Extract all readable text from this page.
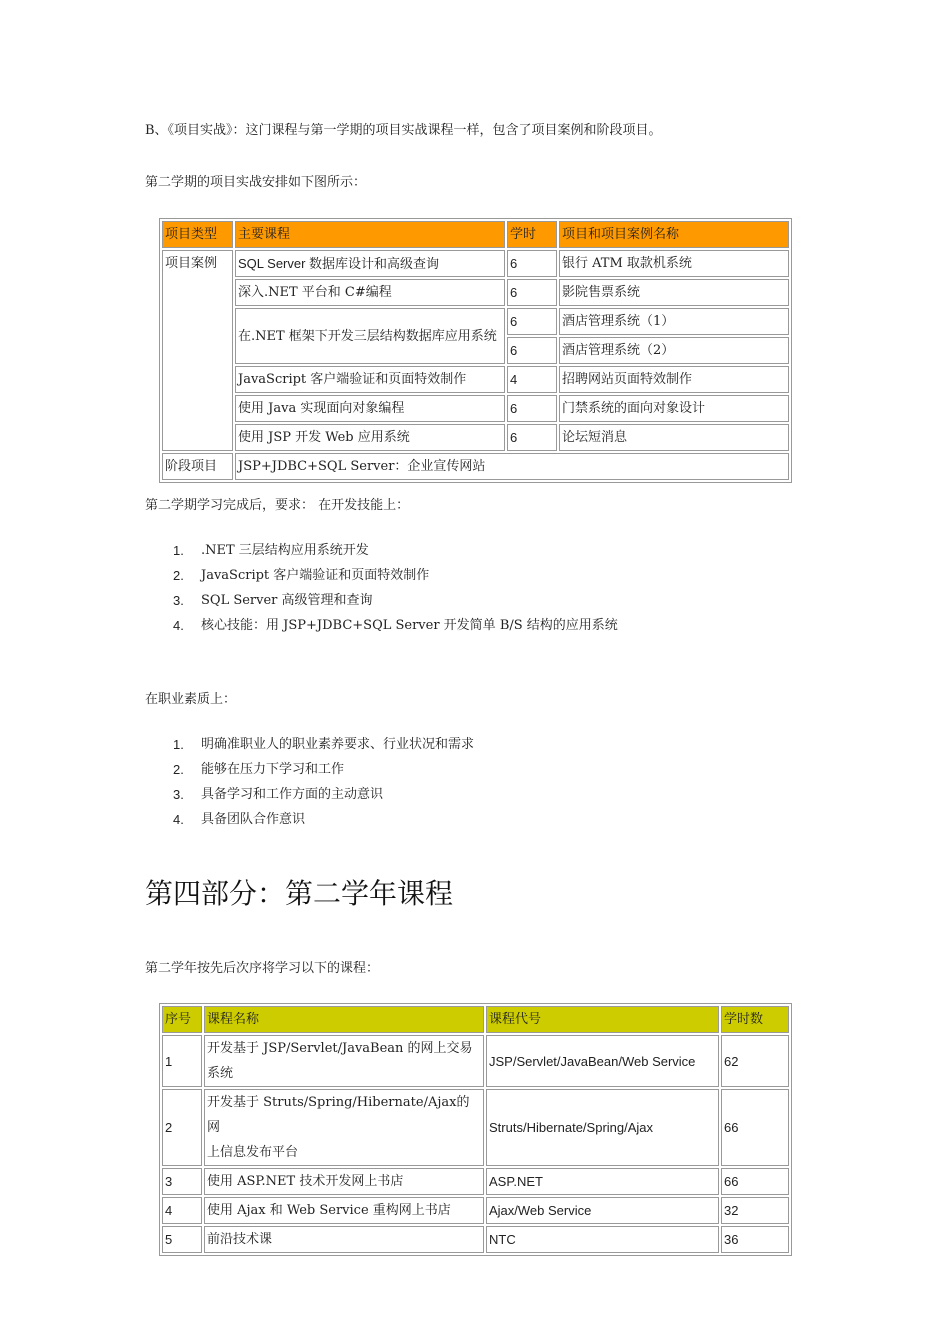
B、《项目实战》：这门课程与第一学期的项目实战课程一样，包含了项目案例和阶段项目。
第二学期的项目实战安排如下图所示：
项目类型	主要课程	学时	项目和项目案例名称
项目案例	SQL Server 数据库设计和高级查询	6	银行 ATM 取款机系统
	深入.NET 平台和 C#编程	6	影院售票系统
	在.NET 框架下开发三层结构数据库应用系统	6	酒店管理系统（1）
		6	酒店管理系统（2）
	JavaScript 客户端验证和页面特效制作	4	招聘网站页面特效制作
	使用 Java 实现面向对象编程	6	门禁系统的面向对象设计
	使用 JSP 开发 Web 应用系统	6	论坛短消息
阶段项目	JSP+JDBC+SQL Server：企业宣传网站		
第二学期学习完成后，要求： 在开发技能上：
1. .NET 三层结构应用系统开发
2. JavaScript 客户端验证和页面特效制作
3. SQL Server 高级管理和查询
4. 核心技能：用 JSP+JDBC+SQL Server 开发简单 B/S 结构的应用系统
在职业素质上：
1. 明确准职业人的职业素养要求、行业状况和需求
2. 能够在压力下学习和工作
3. 具备学习和工作方面的主动意识
4. 具备团队合作意识
第四部分：第二学年课程
第二学年按先后次序将学习以下的课程：
序号	课程名称	课程代号	学时数
1	开发基于 JSP/Servlet/JavaBean 的网上交易
系统	JSP/Servlet/JavaBean/Web Service	62
2	开发基于 Struts/Spring/Hibernate/Ajax的网
上信息发布平台	Struts/Hibernate/Spring/Ajax	66
3	使用 ASP.NET 技术开发网上书店	ASP.NET	66
4	使用 Ajax 和 Web Service 重构网上书店	Ajax/Web Service	32
5	前沿技术课	NTC	36
